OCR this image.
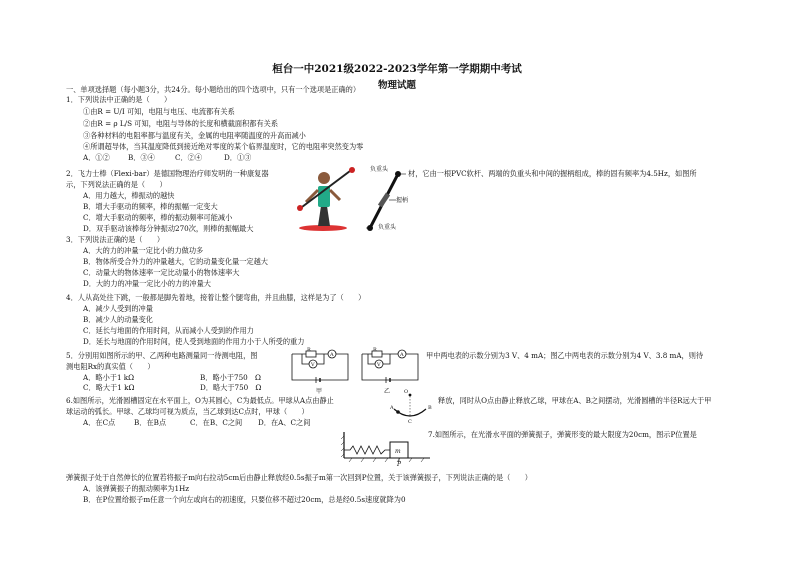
桓台一中2021级2022-2023学年第一学期期中考试
物理试题
一、单项选择题（每小题3分，共24分。每小题给出的四个选项中，只有一个选项是正确的）
1．下列说法中正确的是（　　）
①由R = U/I 可知，电阻与电压、电流都有关系
②由R = ρ L/S 可知，电阻与导体的长度和横截面积都有关系
③各种材料的电阻率都与温度有关，金属的电阻率随温度的升高而减小
④所谓超导体，当其温度降低到接近绝对零度的某个临界温度时，它的电阻率突然变为零
A．①②	B．③④	C．②④	D．①③
2．飞力士棒（Flexi-bar）是德国物理治疗师发明的一种康复器	材，它由一根PVC软杆、两端的负重头和中间的握柄组成，棒的固有频率为4.5Hz，如图所
示，下列说法正确的是（　　）
A．用力越大，棒振动的越快
B．增大手驱动的频率，棒的振幅一定变大
C．增大手驱动的频率，棒的振动频率可能减小
D．双手驱动该棒每分钟振动270次，则棒的振幅最大
负重头
握柄
负重头
3．下列说法正确的是（　　）
A．大的力的冲量一定比小的力做功多
B．物体所受合外力的冲量越大，它的动量变化量一定越大
C．动量大的物体速率一定比动量小的物体速率大
D．大的力的冲量一定比小的力的冲量大
4．人从高处往下跳，一般都是脚先着地，接着让整个腿弯曲，并且曲膝，这样是为了（　　）
A．减少人受到的冲量
B．减少人的动量变化
C．延长与地面的作用时间，从而减小人受到的作用力
D．延长与地面的作用时间，使人受到地面的作用力小于人所受的重力
5．分别用如图所示的甲、乙两种电路测量同一待测电阻，图	甲中两电表的示数分别为3 V、4 mA；图乙中两电表的示数分别为4 V、3.8 mA，则待
测电阻Rx的真实值（　　）
A．略小于1 kΩ	B．略小于750　Ω
C．略大于1 kΩ	D．略大于750　Ω
R
A
V
R
A
V
甲	乙
6.如图所示，光滑圆槽固定在水平面上，O为其圆心，C为最低点。甲球从A点由静止	释放，同时从O点由静止释放乙球，甲球在A、B之间摆动，光滑圆槽的半径R远大于甲
球运动的弧长。甲球、乙球均可视为质点，当乙球到达C点时，甲球（　　）
A．在C点	B．在B点	C．在B、C之间 D．在A、C之间
O
A	B
C
m
P
7.如图所示，在光滑水平面的弹簧振子，弹簧形变的最大限度为20cm，图示P位置是
弹簧振子处于自然伸长的位置若将振子m向右拉动5cm后由静止释放经0.5s振子m第一次回到P位置，关于该弹簧振子，下列说法正确的是（　　）
A．该弹簧振子的振动频率为1Hz
B．在P位置给振子m任意一个向左或向右的初速度，只要位移不超过20cm，总是经0.5s速度就降为0
